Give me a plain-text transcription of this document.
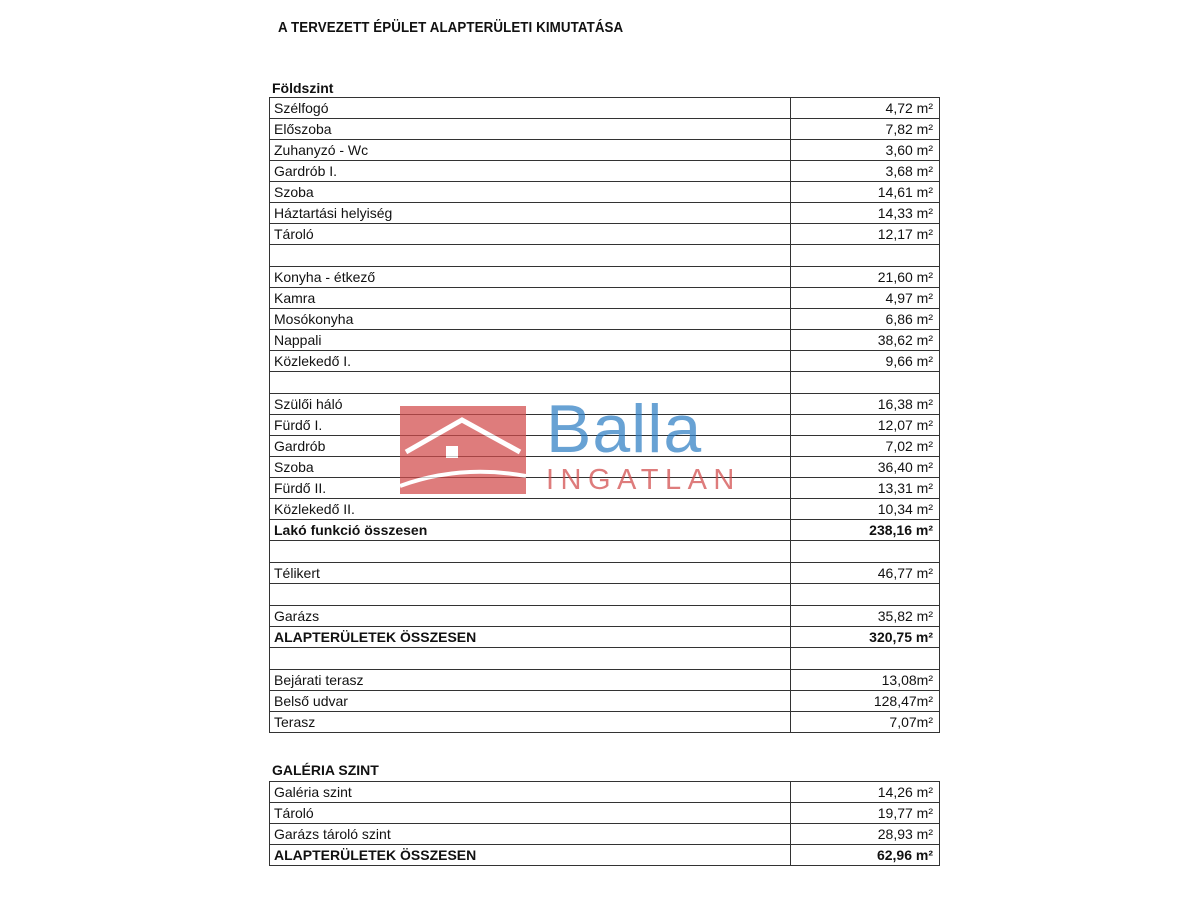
A TERVEZETT ÉPÜLET ALAPTERÜLETI KIMUTATÁSA
Földszint
Szélfogó	4,72 m²
Előszoba	7,82 m²
Zuhanyzó - Wc	3,60 m²
Gardrób I.	3,68 m²
Szoba	14,61 m²
Háztartási helyiség	14,33 m²
Tároló	12,17 m²

Konyha - étkező	21,60 m²
Kamra	4,97 m²
Mosókonyha	6,86 m²
Nappali	38,62 m²
Közlekedő I.	9,66 m²

Szülői háló	16,38 m²
Fürdő I.	12,07 m²
Gardrób	7,02 m²
Szoba	36,40 m²
Fürdő II.	13,31 m²
Közlekedő II.	10,34 m²
Lakó funkció összesen	238,16 m²

Télikert	46,77 m²

Garázs	35,82 m²
ALAPTERÜLETEK ÖSSZESEN	320,75 m²

Bejárati terasz	13,08m²
Belső udvar	128,47m²
Terasz	7,07m²
GALÉRIA SZINT
Galéria szint	14,26 m²
Tároló	19,77 m²
Garázs tároló szint	28,93 m²
ALAPTERÜLETEK ÖSSZESEN	62,96 m²
Balla
INGATLAN
